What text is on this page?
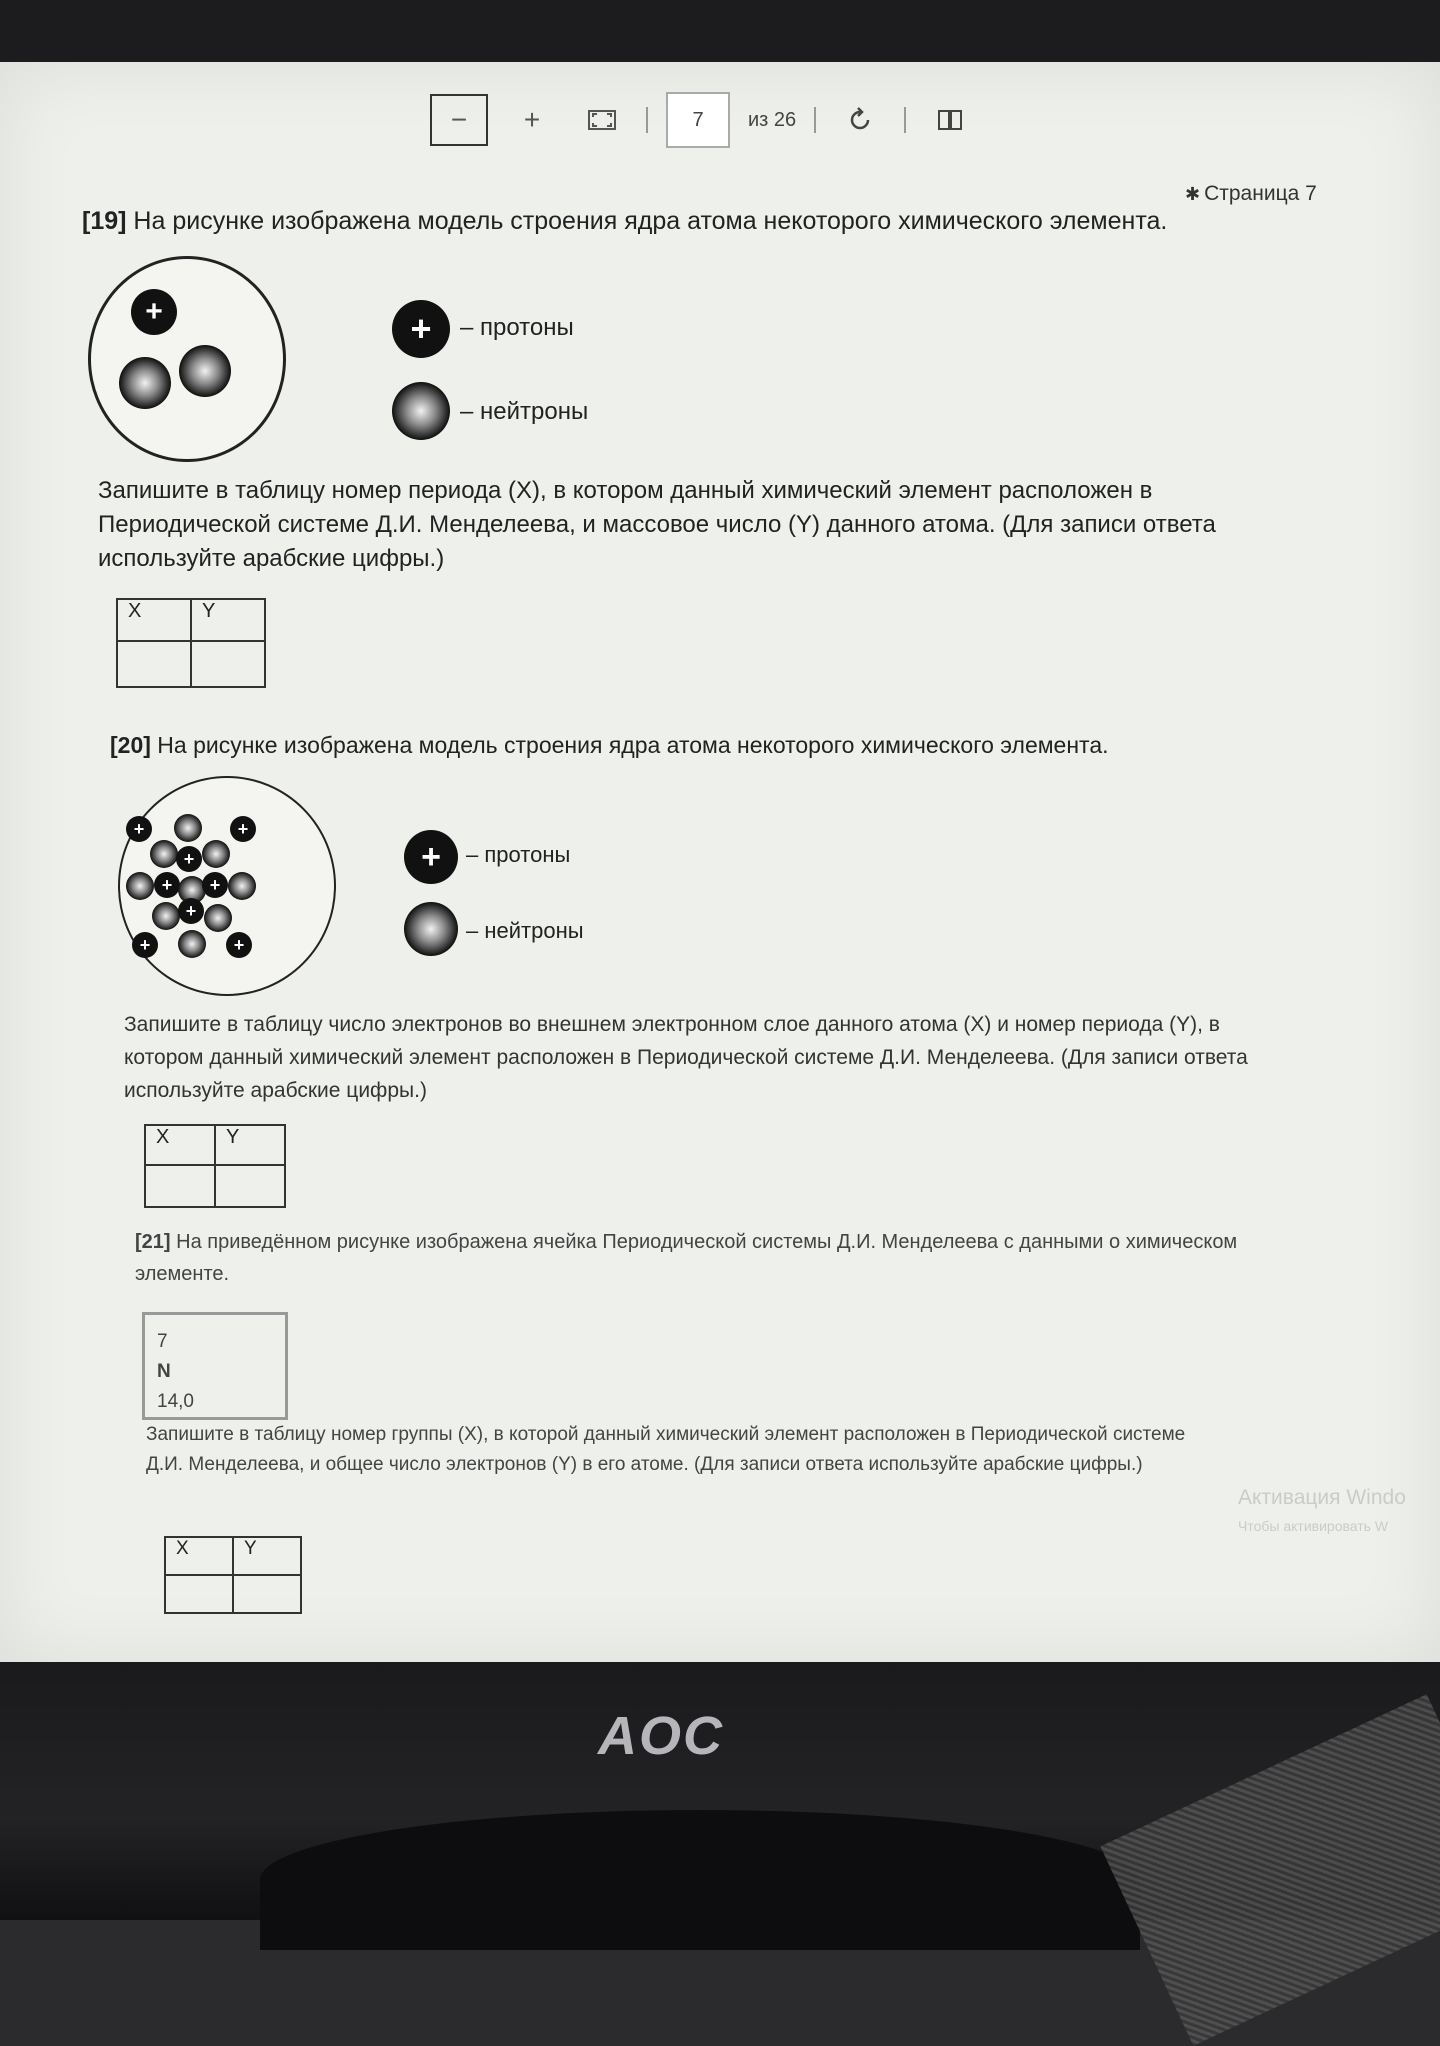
−	+	7	из 26
✱ Страница 7
[19] На рисунке изображена модель строения ядра атома некоторого химического элемента.
+	+	– протоны
– нейтроны
Запишите в таблицу номер периода (X), в котором данный химический элемент расположен в Периодической системе Д.И. Менделеева, и массовое число (Y) данного атома. (Для записи ответа используйте арабские цифры.)
X	Y

[20] На рисунке изображена модель строения ядра атома некоторого химического элемента.
+	+
+
+	+
+
+	+
+	– протоны
– нейтроны
Запишите в таблицу число электронов во внешнем электронном слое данного атома (X) и номер периода (Y), в котором данный химический элемент расположен в Периодической системе Д.И. Менделеева. (Для записи ответа используйте арабские цифры.)
X	Y

[21] На приведённом рисунке изображена ячейка Периодической системы Д.И. Менделеева с данными о химическом элементе.
7
N
14,0
Запишите в таблицу номер группы (X), в которой данный химический элемент расположен в Периодической системе Д.И. Менделеева, и общее число электронов (Y) в его атоме. (Для записи ответа используйте арабские цифры.)
X	Y

Активация Windo
Чтобы активировать W
AOC
